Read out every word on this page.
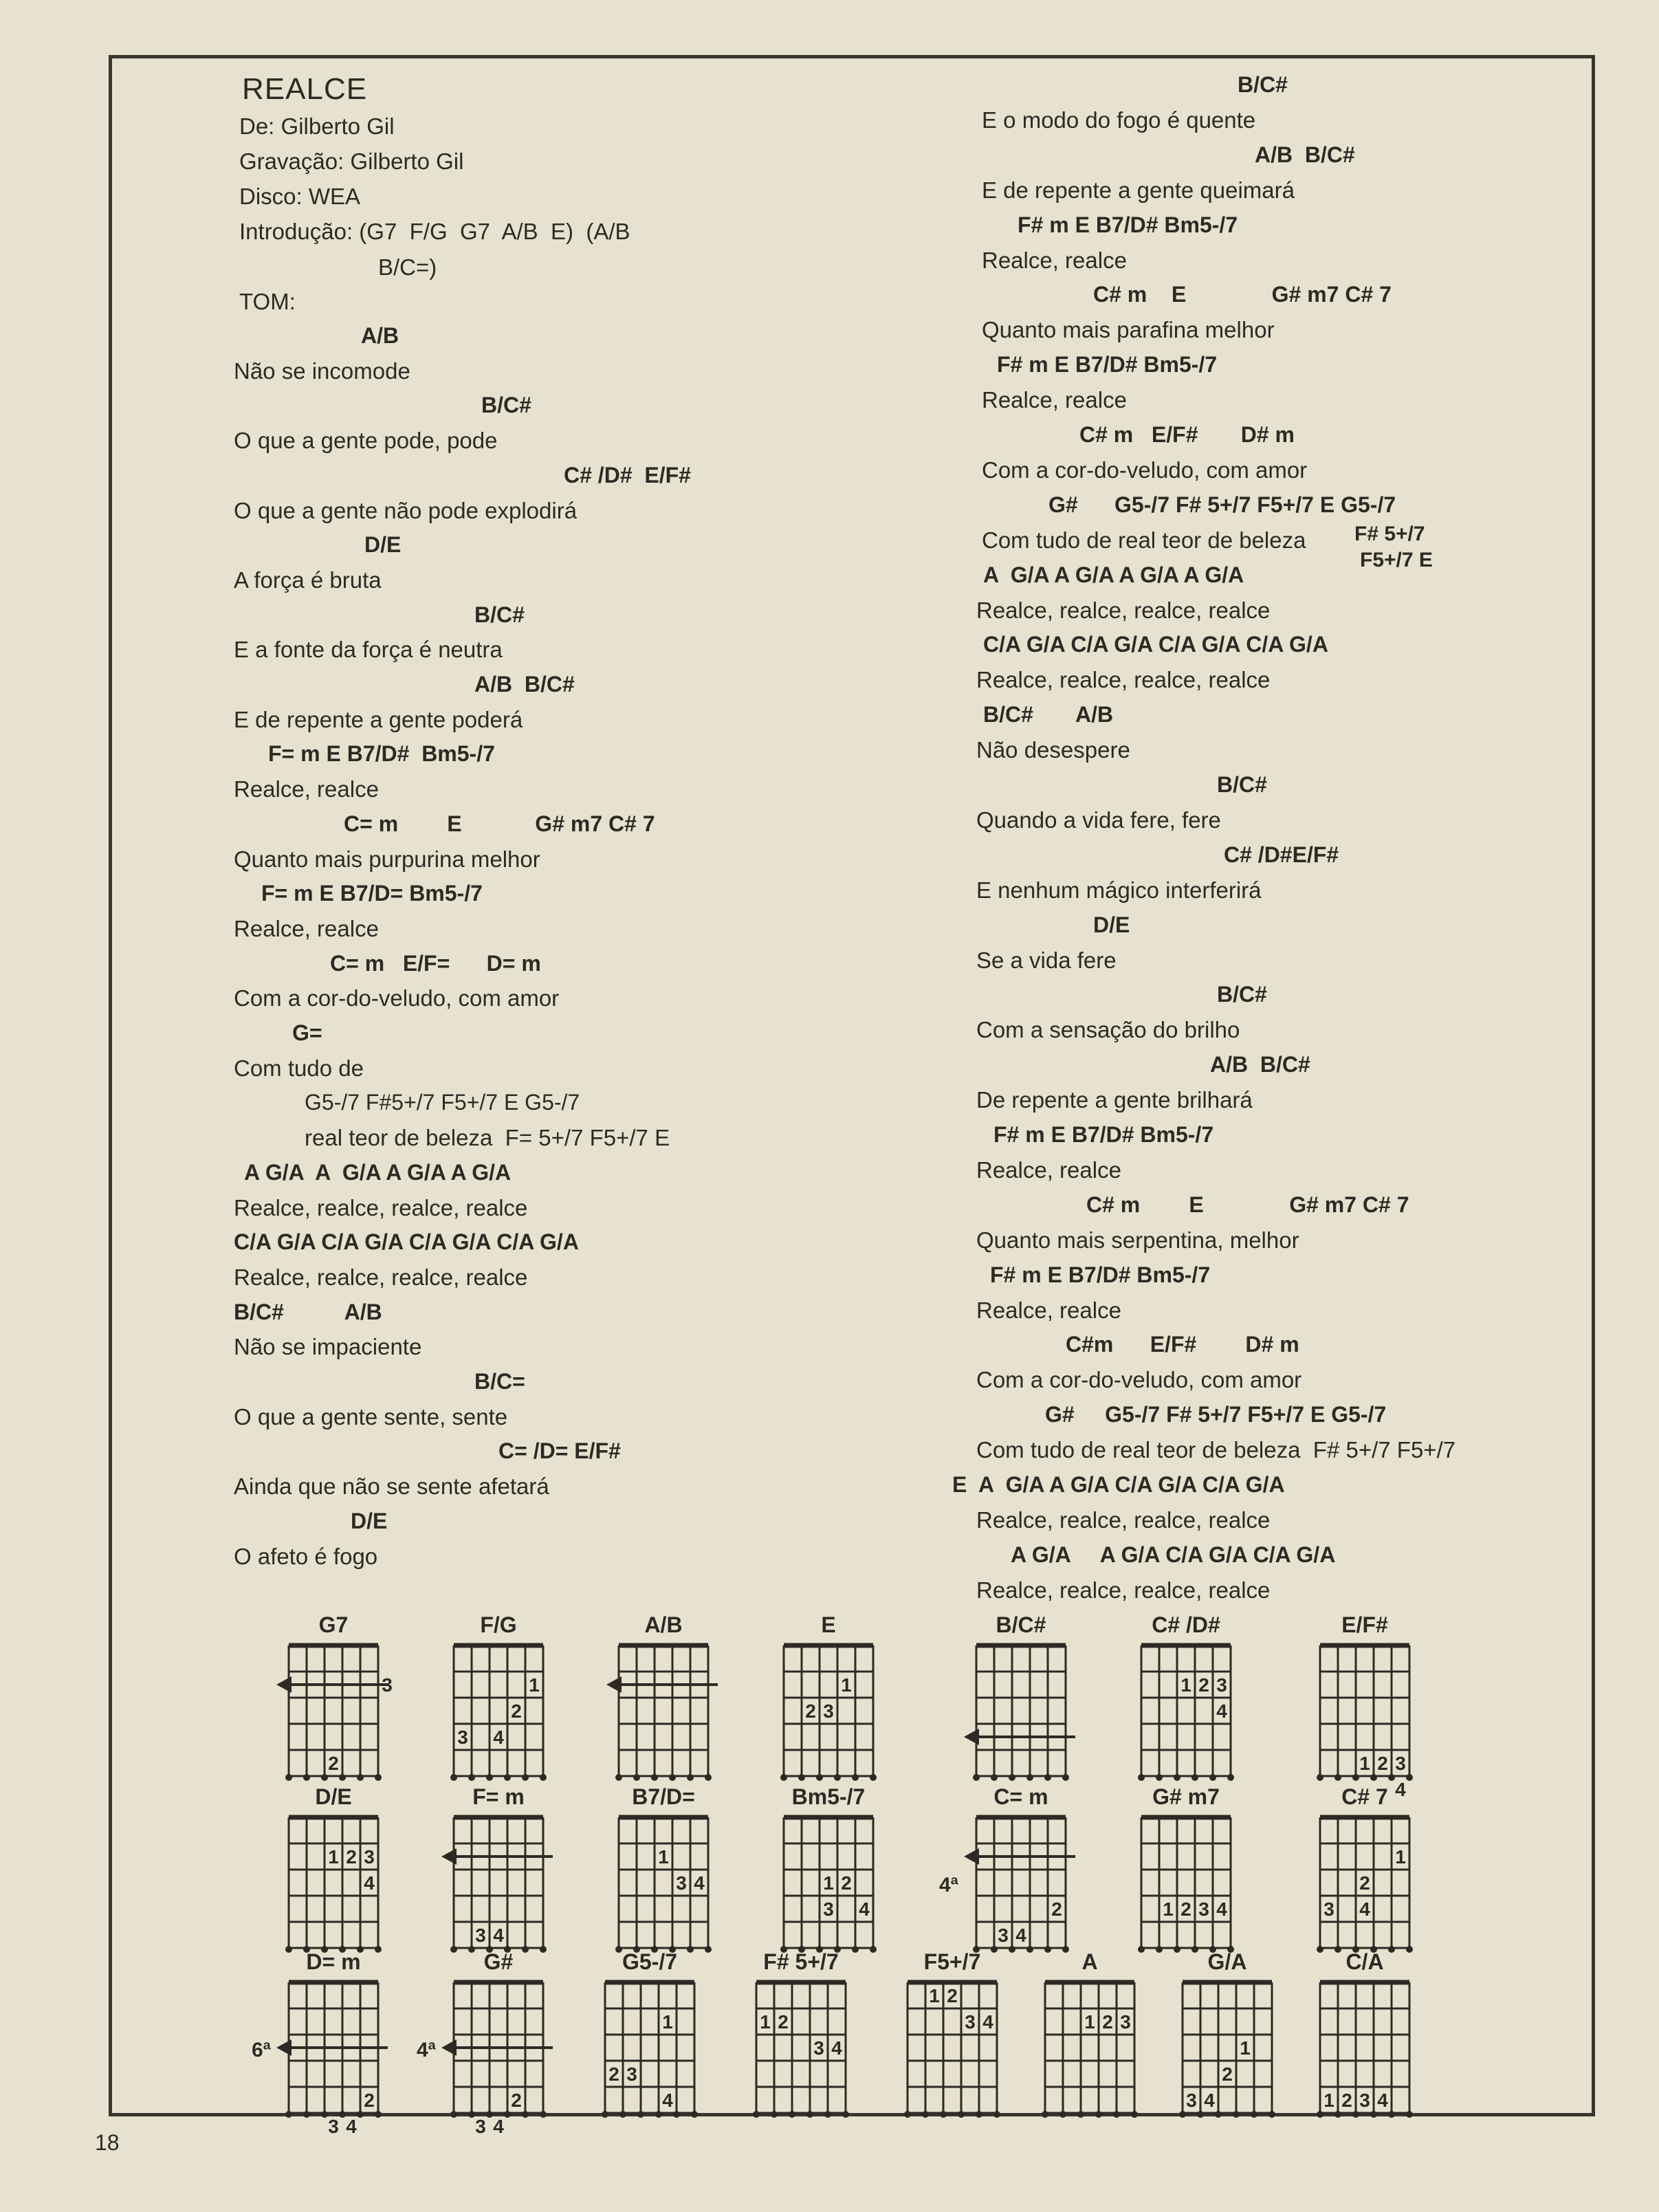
REALCE
De: Gilberto Gil
Gravação: Gilberto Gil
Disco: WEA
Introdução: (G7  F/G  G7  A/B  E)  (A/B
B/C=)
TOM:
A/B
Não se incomode
B/C#
O que a gente pode, pode
C# /D#  E/F#
O que a gente não pode explodirá
D/E
A força é bruta
B/C#
E a fonte da força é neutra
A/B  B/C#
E de repente a gente poderá
F= m E B7/D#  Bm5-/7
Realce, realce
C= m        E            G# m7 C# 7
Quanto mais purpurina melhor
F= m E B7/D= Bm5-/7
Realce, realce
C= m   E/F=      D= m
Com a cor-do-veludo, com amor
G=
Com tudo de
G5-/7 F#5+/7 F5+/7 E G5-/7
real teor de beleza  F= 5+/7 F5+/7 E
A G/A  A  G/A A G/A A G/A
Realce, realce, realce, realce
C/A G/A C/A G/A C/A G/A C/A G/A
Realce, realce, realce, realce
B/C#          A/B
Não se impaciente
B/C=
O que a gente sente, sente
C= /D= E/F#
Ainda que não se sente afetará
D/E
O afeto é fogo
B/C#
E o modo do fogo é quente
A/B  B/C#
E de repente a gente queimará
F# m E B7/D# Bm5-/7
Realce, realce
C# m    E              G# m7 C# 7
Quanto mais parafina melhor
F# m E B7/D# Bm5-/7
Realce, realce
C# m   E/F#       D# m
Com a cor-do-veludo, com amor
G#      G5-/7 F# 5+/7 F5+/7 E G5-/7
Com tudo de real teor de beleza
A  G/A A G/A A G/A A G/A
Realce, realce, realce, realce
C/A G/A C/A G/A C/A G/A C/A G/A
Realce, realce, realce, realce
B/C#       A/B
Não desespere
B/C#
Quando a vida fere, fere
C# /D#E/F#
E nenhum mágico interferirá
D/E
Se a vida fere
B/C#
Com a sensação do brilho
A/B  B/C#
De repente a gente brilhará
F# m E B7/D# Bm5-/7
Realce, realce
C# m        E              G# m7 C# 7
Quanto mais serpentina, melhor
F# m E B7/D# Bm5-/7
Realce, realce
C#m      E/F#        D# m
Com a cor-do-veludo, com amor
G#     G5-/7 F# 5+/7 F5+/7 E G5-/7
Com tudo de real teor de beleza  F# 5+/7 F5+/7
E  A  G/A A G/A C/A G/A C/A G/A
Realce, realce, realce, realce
A G/A     A G/A C/A G/A C/A G/A
Realce, realce, realce, realce
F# 5+/7
F5+/7 E
G7
2
3
F/G
1
2
3 4
A/B	E
1
2 3
B/C#	C# /D#
1 2 3
4
E/F#
1 2 3
4
D/E
1 2 3
4
F= m
3 4
B7/D=
1
3 4
Bm5-/7
1 2
3 4
C= m
4ª
2
3 4
G# m7
1 2 3 4
C# 7
1
2
3 4
D= m
6ª
2
3 4
G#
4ª
2
3 4
G5-/7
1
2 3
4
F# 5+/7
1 2
3 4
F5+/7
1 2
3 4
A
1 2 3
G/A
1
2
3 4
C/A
1 2 3 4
18
